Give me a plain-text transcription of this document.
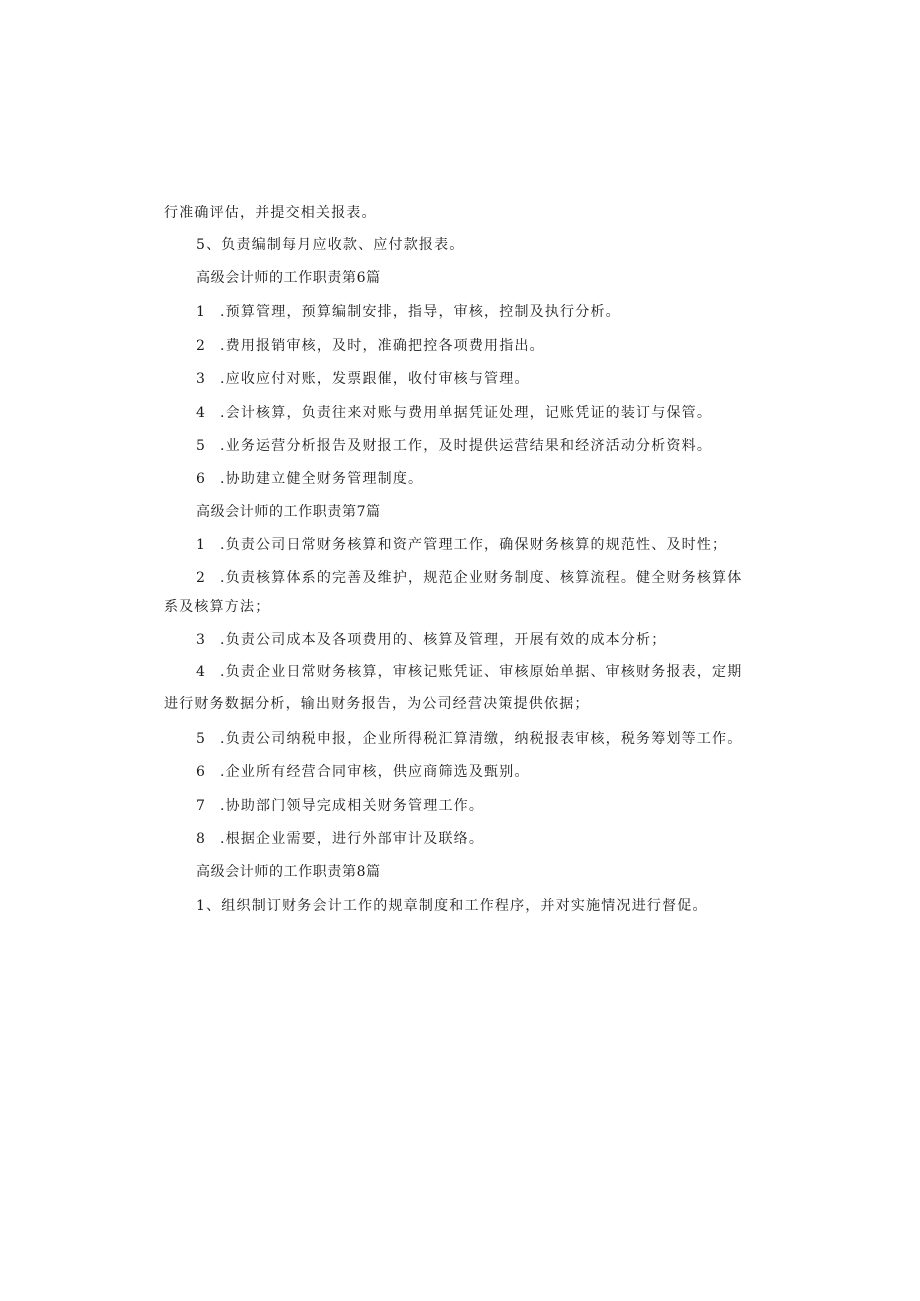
行准确评估，并提交相关报表。
5、负责编制每月应收款、应付款报表。
高级会计师的工作职责第6篇
1 .预算管理，预算编制安排，指导，审核，控制及执行分析。
2 .费用报销审核，及时，准确把控各项费用指出。
3 .应收应付对账，发票跟催，收付审核与管理。
4 .会计核算，负责往来对账与费用单据凭证处理，记账凭证的装订与保管。
5 .业务运营分析报告及财报工作，及时提供运营结果和经济活动分析资料。
6 .协助建立健全财务管理制度。
高级会计师的工作职责第7篇
1 .负责公司日常财务核算和资产管理工作，确保财务核算的规范性、及时性；
2 .负责核算体系的完善及维护，规范企业财务制度、核算流程。健全财务核算体
系及核算方法；
3 .负责公司成本及各项费用的、核算及管理，开展有效的成本分析；
4 .负责企业日常财务核算，审核记账凭证、审核原始单据、审核财务报表，定期
进行财务数据分析，输出财务报告，为公司经营决策提供依据；
5 .负责公司纳税申报，企业所得税汇算清缴，纳税报表审核，税务筹划等工作。
6 .企业所有经营合同审核，供应商筛选及甄别。
7 .协助部门领导完成相关财务管理工作。
8 .根据企业需要，进行外部审计及联络。
高级会计师的工作职责第8篇
1、组织制订财务会计工作的规章制度和工作程序，并对实施情况进行督促。
